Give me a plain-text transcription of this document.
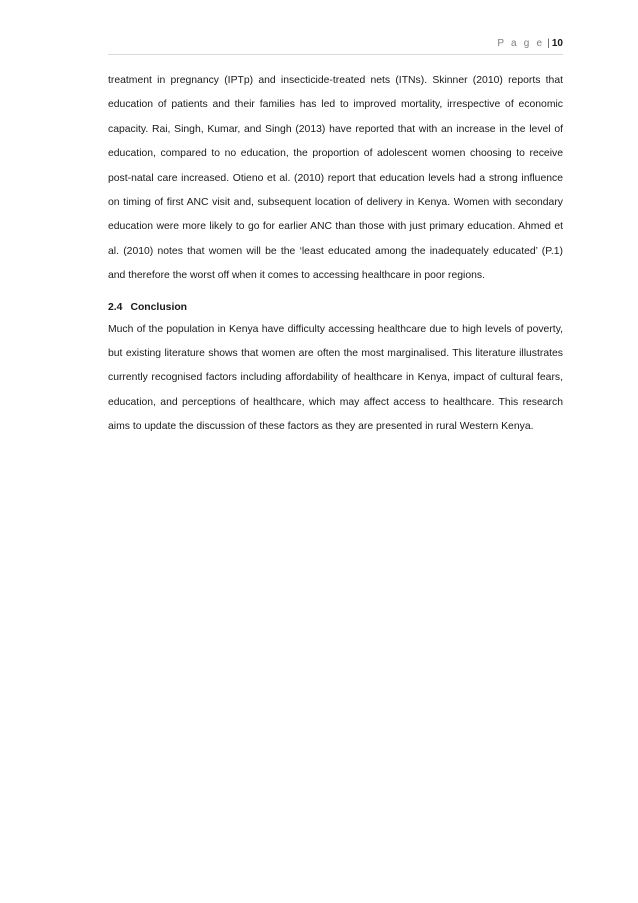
P a g e | 10

treatment in pregnancy (IPTp) and insecticide-treated nets (ITNs). Skinner (2010) reports that education of patients and their families has led to improved mortality, irrespective of economic capacity. Rai, Singh, Kumar, and Singh (2013) have reported that with an increase in the level of education, compared to no education, the proportion of adolescent women choosing to receive post-natal care increased. Otieno et al. (2010) report that education levels had a strong influence on timing of first ANC visit and, subsequent location of delivery in Kenya. Women with secondary education were more likely to go for earlier ANC than those with just primary education. Ahmed et al. (2010) notes that women will be the ‘least educated among the inadequately educated’ (P.1) and therefore the worst off when it comes to accessing healthcare in poor regions.

2.4 Conclusion

Much of the population in Kenya have difficulty accessing healthcare due to high levels of poverty, but existing literature shows that women are often the most marginalised. This literature illustrates currently recognised factors including affordability of healthcare in Kenya, impact of cultural fears, education, and perceptions of healthcare, which may affect access to healthcare. This research aims to update the discussion of these factors as they are presented in rural Western Kenya.
